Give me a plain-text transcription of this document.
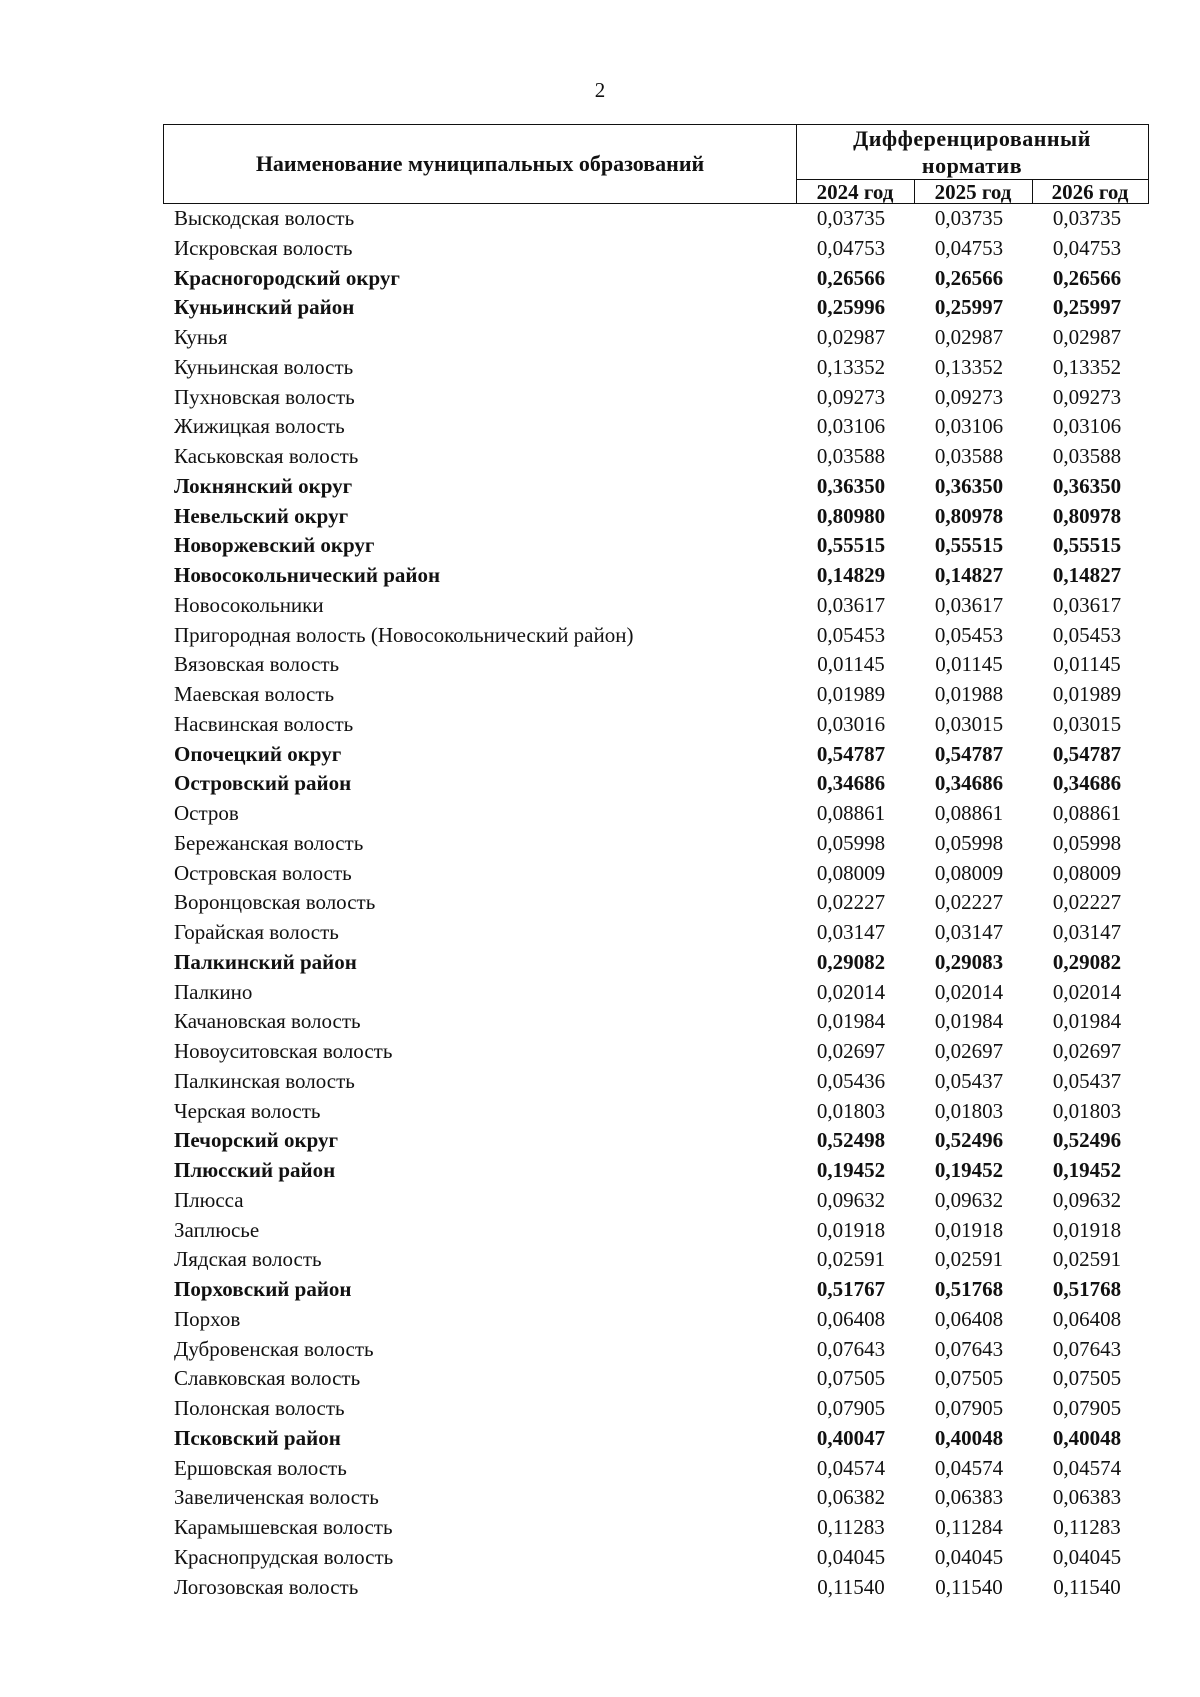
2
Наименование муниципальных образований
Дифференцированный
норматив
2024 год	2025 год	2026 год
Выскодская волость	0,03735	0,03735	0,03735
Искровская волость	0,04753	0,04753	0,04753
Красногородский округ	0,26566	0,26566	0,26566
Куньинский район	0,25996	0,25997	0,25997
Кунья	0,02987	0,02987	0,02987
Куньинская волость	0,13352	0,13352	0,13352
Пухновская волость	0,09273	0,09273	0,09273
Жижицкая волость	0,03106	0,03106	0,03106
Каськовская волость	0,03588	0,03588	0,03588
Локнянский округ	0,36350	0,36350	0,36350
Невельский округ	0,80980	0,80978	0,80978
Новоржевский округ	0,55515	0,55515	0,55515
Новосокольнический район	0,14829	0,14827	0,14827
Новосокольники	0,03617	0,03617	0,03617
Пригородная волость (Новосокольнический район)	0,05453	0,05453	0,05453
Вязовская волость	0,01145	0,01145	0,01145
Маевская волость	0,01989	0,01988	0,01989
Насвинская волость	0,03016	0,03015	0,03015
Опочецкий округ	0,54787	0,54787	0,54787
Островский район	0,34686	0,34686	0,34686
Остров	0,08861	0,08861	0,08861
Бережанская волость	0,05998	0,05998	0,05998
Островская волость	0,08009	0,08009	0,08009
Воронцовская волость	0,02227	0,02227	0,02227
Горайская волость	0,03147	0,03147	0,03147
Палкинский район	0,29082	0,29083	0,29082
Палкино	0,02014	0,02014	0,02014
Качановская волость	0,01984	0,01984	0,01984
Новоуситовская волость	0,02697	0,02697	0,02697
Палкинская волость	0,05436	0,05437	0,05437
Черская волость	0,01803	0,01803	0,01803
Печорский округ	0,52498	0,52496	0,52496
Плюсский район	0,19452	0,19452	0,19452
Плюсса	0,09632	0,09632	0,09632
Заплюсье	0,01918	0,01918	0,01918
Лядская волость	0,02591	0,02591	0,02591
Порховский район	0,51767	0,51768	0,51768
Порхов	0,06408	0,06408	0,06408
Дубровенская волость	0,07643	0,07643	0,07643
Славковская волость	0,07505	0,07505	0,07505
Полонская волость	0,07905	0,07905	0,07905
Псковский район	0,40047	0,40048	0,40048
Ершовская волость	0,04574	0,04574	0,04574
Завеличенская волость	0,06382	0,06383	0,06383
Карамышевская волость	0,11283	0,11284	0,11283
Краснопрудская волость	0,04045	0,04045	0,04045
Логозовская волость	0,11540	0,11540	0,11540
